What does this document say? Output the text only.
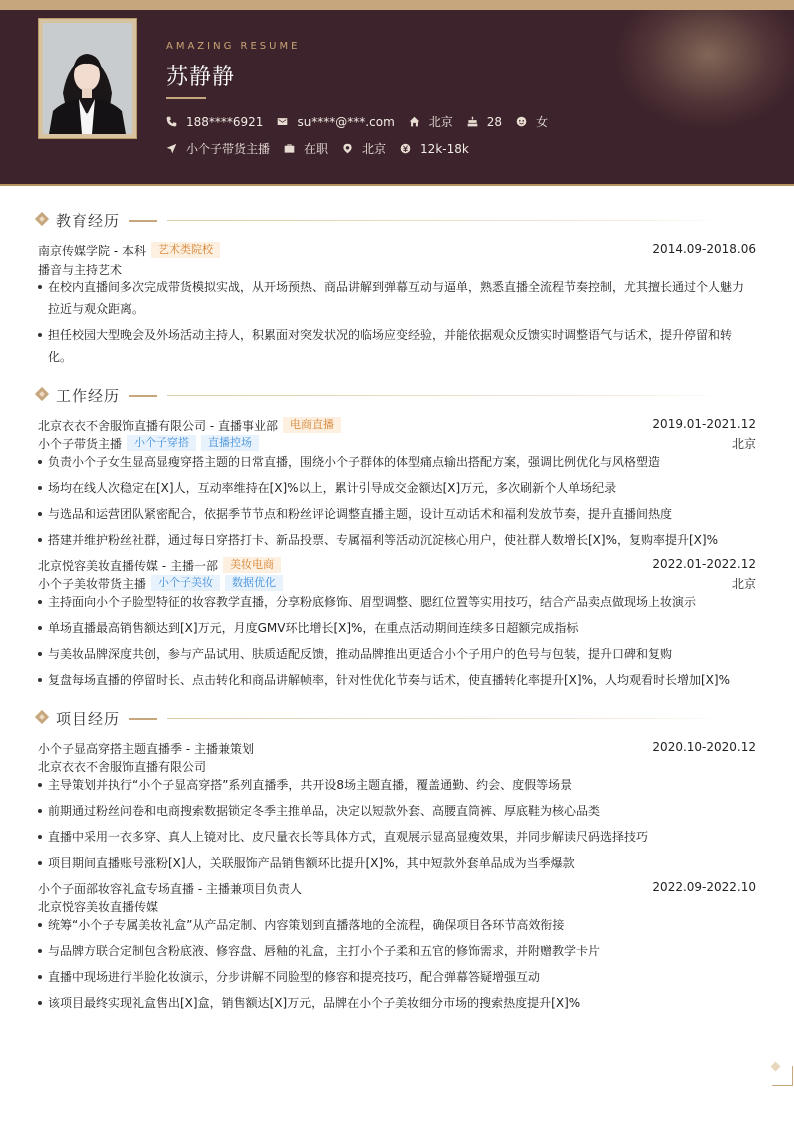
AMAZING RESUME
苏静静
188****6921	su****@***.com	北京	28	女
小个子带货主播	在职	北京	12k-18k
教育经历
南京传媒学院 - 本科 艺术类院校	2014.09-2018.06
播音与主持艺术
在校内直播间多次完成带货模拟实战，从开场预热、商品讲解到弹幕互动与逼单，熟悉直播全流程节奏控制，尤其擅长通过个人魅力
拉近与观众距离。
担任校园大型晚会及外场活动主持人，积累面对突发状况的临场应变经验，并能依据观众反馈实时调整语气与话术，提升停留和转
化。
工作经历
北京衣衣不舍服饰直播有限公司 - 直播事业部 电商直播	2019.01-2021.12
小个子带货主播 小个子穿搭 直播控场	北京
负责小个子女生显高显瘦穿搭主题的日常直播，围绕小个子群体的体型痛点输出搭配方案，强调比例优化与风格塑造
场均在线人次稳定在[X]人，互动率维持在[X]%以上，累计引导成交金额达[X]万元，多次刷新个人单场纪录
与选品和运营团队紧密配合，依据季节节点和粉丝评论调整直播主题，设计互动话术和福利发放节奏，提升直播间热度
搭建并维护粉丝社群，通过每日穿搭打卡、新品投票、专属福利等活动沉淀核心用户，使社群人数增长[X]%，复购率提升[X]%
北京悦容美妆直播传媒 - 主播一部 美妆电商	2022.01-2022.12
小个子美妆带货主播 小个子美妆 数据优化	北京
主持面向小个子脸型特征的妆容教学直播，分享粉底修饰、眉型调整、腮红位置等实用技巧，结合产品卖点做现场上妆演示
单场直播最高销售额达到[X]万元，月度GMV环比增长[X]%，在重点活动期间连续多日超额完成指标
与美妆品牌深度共创，参与产品试用、肤质适配反馈，推动品牌推出更适合小个子用户的色号与包装，提升口碑和复购
复盘每场直播的停留时长、点击转化和商品讲解帧率，针对性优化节奏与话术，使直播转化率提升[X]%，人均观看时长增加[X]%
项目经历
小个子显高穿搭主题直播季 - 主播兼策划	2020.10-2020.12
北京衣衣不舍服饰直播有限公司
主导策划并执行“小个子显高穿搭”系列直播季，共开设8场主题直播，覆盖通勤、约会、度假等场景
前期通过粉丝问卷和电商搜索数据锁定冬季主推单品，决定以短款外套、高腰直筒裤、厚底鞋为核心品类
直播中采用一衣多穿、真人上镜对比、皮尺量衣长等具体方式，直观展示显高显瘦效果，并同步解读尺码选择技巧
项目期间直播账号涨粉[X]人，关联服饰产品销售额环比提升[X]%，其中短款外套单品成为当季爆款
小个子面部妆容礼盒专场直播 - 主播兼项目负责人	2022.09-2022.10
北京悦容美妆直播传媒
统筹“小个子专属美妆礼盒”从产品定制、内容策划到直播落地的全流程，确保项目各环节高效衔接
与品牌方联合定制包含粉底液、修容盘、唇釉的礼盒，主打小个子柔和五官的修饰需求，并附赠教学卡片
直播中现场进行半脸化妆演示，分步讲解不同脸型的修容和提亮技巧，配合弹幕答疑增强互动
该项目最终实现礼盒售出[X]盒，销售额达[X]万元，品牌在小个子美妆细分市场的搜索热度提升[X]%
